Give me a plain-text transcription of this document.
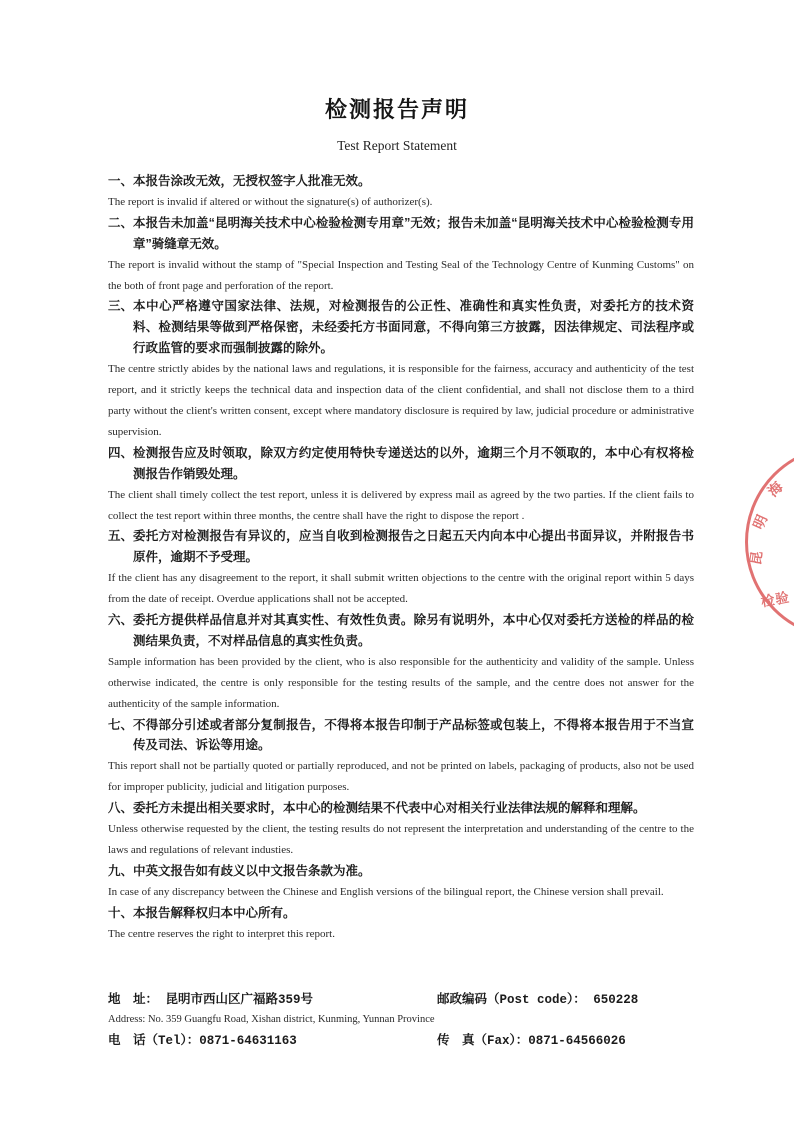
检测报告声明
Test Report Statement

一、 本报告涂改无效，无授权签字人批准无效。

The report is invalid if altered or without the signature(s) of authorizer(s).

二、 本报告未加盖“昆明海关技术中心检验检测专用章”无效；报告未加盖“昆明海关技术中心检验检测专用章”骑缝章无效。

The report is invalid without the stamp of "Special Inspection and Testing Seal of the Technology Centre of Kunming Customs" on the both of front page and perforation of the report.

三、 本中心严格遵守国家法律、法规，对检测报告的公正性、准确性和真实性负责，对委托方的技术资料、检测结果等做到严格保密，未经委托方书面同意，不得向第三方披露，因法律规定、司法程序或行政监管的要求而强制披露的除外。

The centre strictly abides by the national laws and regulations, it is responsible for the fairness, accuracy and authenticity of the test report, and it strictly keeps the technical data and inspection data of the client confidential, and shall not disclose them to a third party without the client's written consent, except where mandatory disclosure is required by law, judicial procedure or administrative supervision.

四、 检测报告应及时领取，除双方约定使用特快专递送达的以外，逾期三个月不领取的，本中心有权将检测报告作销毁处理。

The client shall timely collect the test report, unless it is delivered by express mail as agreed by the two parties. If the client fails to collect the test report within three months, the centre shall have the right to dispose the report .

五、 委托方对检测报告有异议的，应当自收到检测报告之日起五天内向本中心提出书面异议，并附报告书原件，逾期不予受理。

If the client has any disagreement to the report, it shall submit written objections to the centre with the original report within 5 days from the date of receipt. Overdue applications shall not be accepted.

六、 委托方提供样品信息并对其真实性、有效性负责。除另有说明外，本中心仅对委托方送检的样品的检测结果负责，不对样品信息的真实性负责。

Sample information has been provided by the client, who is also responsible for the authenticity and validity of the sample. Unless otherwise indicated, the centre is only responsible for the testing results of the sample, and the centre does not answer for the authenticity of the sample information.

七、 不得部分引述或者部分复制报告，不得将本报告印制于产品标签或包装上，不得将本报告用于不当宣传及司法、诉讼等用途。

This report shall not be partially quoted or partially reproduced, and not be printed on labels, packaging of products, also not be used for improper publicity, judicial and litigation purposes.

八、 委托方未提出相关要求时，本中心的检测结果不代表中心对相关行业法律法规的解释和理解。

Unless otherwise requested by the client, the testing results do not represent the interpretation and understanding of the centre to the laws and regulations of relevant industies.

九、 中英文报告如有歧义以中文报告条款为准。

In case of any discrepancy between the Chinese and English versions of the bilingual report, the Chinese version shall prevail.

十、 本报告解释权归本中心所有。

The centre reserves the right to interpret this report.

地　址： 昆明市西山区广福路359号	邮政编码（Post code）： 650228
Address: No. 359 Guangfu Road, Xishan district, Kunming, Yunnan Province
电　话（Tel）：0871-64631163	传　真（Fax）：0871-64566026
海
明
昆
检验
